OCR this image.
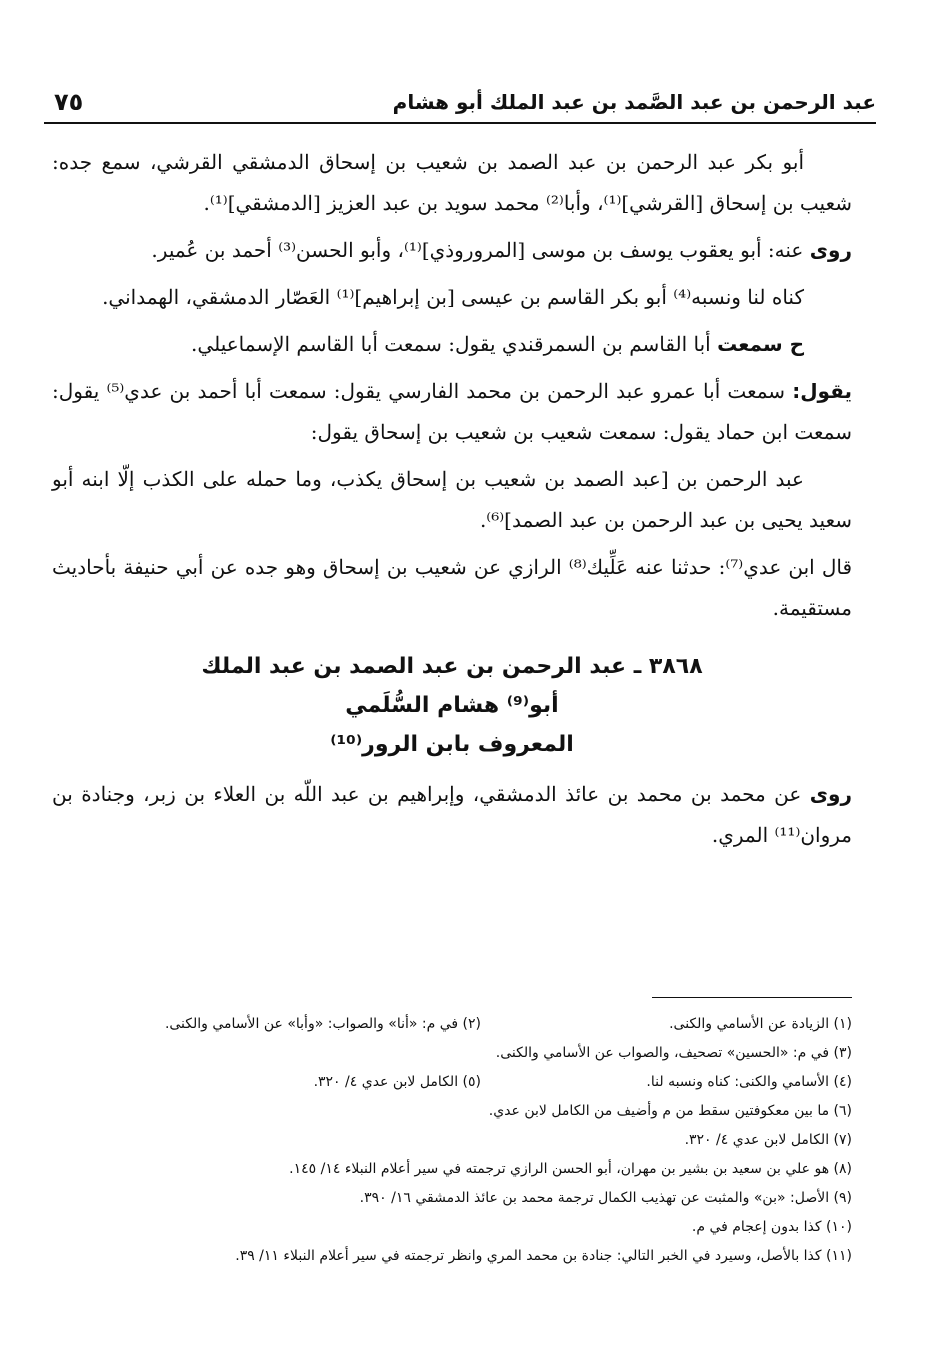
عبد الرحمن بن عبد الصَّمد بن عبد الملك أبو هشام
٧٥

أبو بكر عبد الرحمن بن عبد الصمد بن شعيب بن إسحاق الدمشقي القرشي، سمع جده: شعيب بن إسحاق [القرشي]⁽¹⁾، وأبا⁽²⁾ محمد سويد بن عبد العزيز [الدمشقي]⁽¹⁾.

روى عنه: أبو يعقوب يوسف بن موسى [المروروذي]⁽¹⁾، وأبو الحسن⁽³⁾ أحمد بن عُمير.

كناه لنا ونسبه⁽⁴⁾ أبو بكر القاسم بن عيسى [بن إبراهيم]⁽¹⁾ العَصّار الدمشقي، الهمداني.

ح سمعت أبا القاسم بن السمرقندي يقول: سمعت أبا القاسم الإسماعيلي.

يقول: سمعت أبا عمرو عبد الرحمن بن محمد الفارسي يقول: سمعت أبا أحمد بن عدي⁽⁵⁾ يقول: سمعت ابن حماد يقول: سمعت شعيب بن شعيب بن إسحاق يقول:

عبد الرحمن بن [عبد الصمد بن شعيب بن إسحاق يكذب، وما حمله على الكذب إلّا ابنه أبو سعيد يحيى بن عبد الرحمن بن عبد الصمد]⁽⁶⁾.

قال ابن عدي⁽⁷⁾: حدثنا عنه عَلِّيك⁽⁸⁾ الرازي عن شعيب بن إسحاق وهو جده عن أبي حنيفة بأحاديث مستقيمة.

٣٨٦٨ ـ عبد الرحمن بن عبد الصمد بن عبد الملك
أبو⁽⁹⁾ هشام السُّلَمي
المعروف بابن الرور⁽¹⁰⁾

روى عن محمد بن محمد بن عائذ الدمشقي، وإبراهيم بن عبد اللّه بن العلاء بن زبر، وجنادة بن مروان⁽¹¹⁾ المري.

(١) الزيادة عن الأسامي والكنى.
(٢) في م: «أنا» والصواب: «وأبا» عن الأسامي والكنى.
(٣) في م: «الحسين» تصحيف، والصواب عن الأسامي والكنى.
(٤) الأسامي والكنى: كناه ونسبه لنا.
(٥) الكامل لابن عدي ٤/ ٣٢٠.
(٦) ما بين معكوفتين سقط من م وأضيف من الكامل لابن عدي.
(٧) الكامل لابن عدي ٤/ ٣٢٠.
(٨) هو علي بن سعيد بن بشير بن مهران، أبو الحسن الرازي ترجمته في سير أعلام النبلاء ١٤/ ١٤٥.
(٩) الأصل: «بن» والمثبت عن تهذيب الكمال ترجمة محمد بن عائذ الدمشقي ١٦/ ٣٩٠.
(١٠) كذا بدون إعجام في م.
(١١) كذا بالأصل، وسيرد في الخبر التالي: جنادة بن محمد المري وانظر ترجمته في سير أعلام النبلاء ١١/ ٣٩.
